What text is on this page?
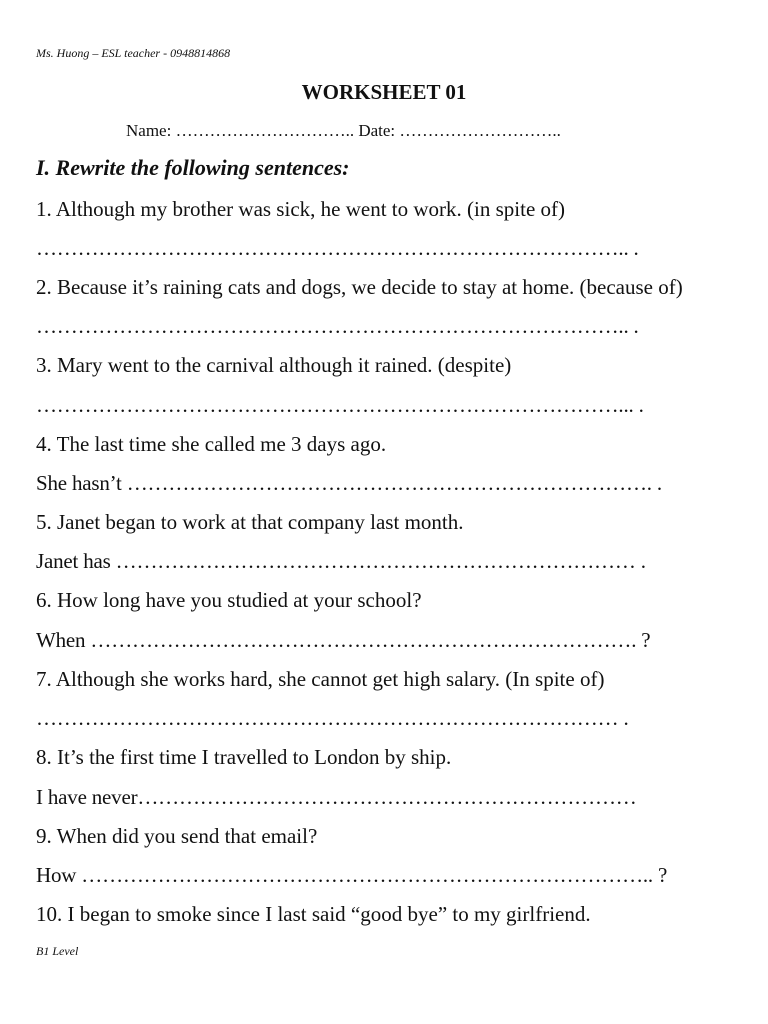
Ms. Huong – ESL teacher - 0948814868
WORKSHEET 01
Name: ………………………….. Date: ………………………..
I. Rewrite the following sentences:
1. Although my brother was sick, he went to work. (in spite of)
………………………………………………………………………….. .
2. Because it’s raining cats and dogs, we decide to stay at home. (because of)
………………………………………………………………………….. .
3. Mary went to the carnival although it rained. (despite)
…………………………………………………………………………... .
4. The last time she called me 3 days ago.
She hasn’t …………………………………………………………………. .
5. Janet began to work at that company last month.
Janet has ………………………………………………………………… .
6. How long have you studied at your school?
When ……………………………………………………………………. ?
7. Although she works hard, she cannot get high salary. (In spite of)
………………………………………………………………………… .
8. It’s the first time I travelled to London by ship.
I have never………………………………………………………………
9. When did you send that email?
How ……………………………………………………………………….. ?
10. I began to smoke since I last said “good bye” to my girlfriend.
B1 Level
